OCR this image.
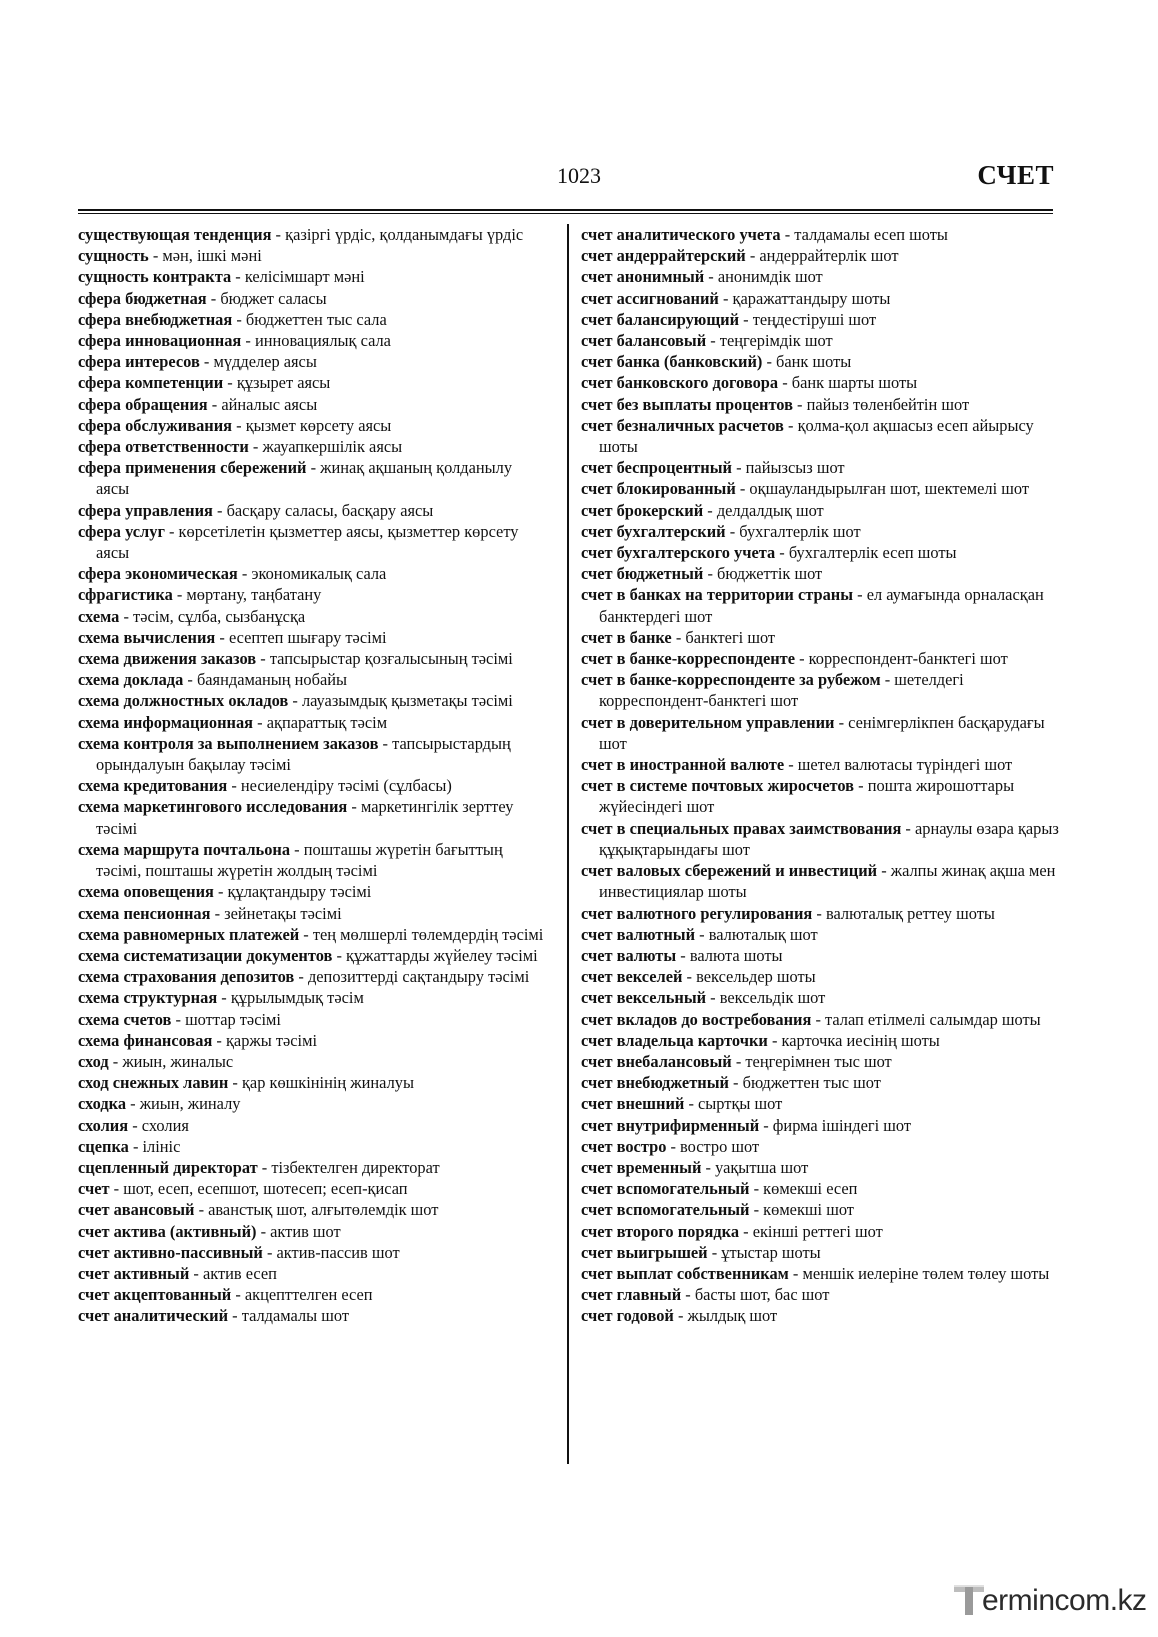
1023	СЧЕТ

существующая тенденция - қазіргі үрдіс, қолданымдағы үрдіс

сущность - мән, ішкі мәні

сущность контракта - келісімшарт мәні

сфера бюджетная - бюджет саласы

сфера внебюджетная - бюджеттен тыс сала

сфера инновационная - инновациялық сала

сфера интересов - мүдделер аясы

сфера компетенции - құзырет аясы

сфера обращения - айналыс аясы

сфера обслуживания - қызмет көрсету аясы

сфера ответственности - жауапкершілік аясы

сфера применения сбережений - жинақ ақшаның қолданылу аясы

сфера управления - басқару саласы, басқару аясы

сфера услуг - көрсетілетін қызметтер аясы, қызметтер көрсету аясы

сфера экономическая - экономикалық сала

сфрагистика - мөртану, таңбатану

схема - тәсім, сұлба, сызбанұсқа

схема вычисления - есептеп шығару тәсімі

схема движения заказов - тапсырыстар қозғалысының тәсімі

схема доклада - баяндаманың нобайы

схема должностных окладов - лауазымдық қызметақы тәсімі

схема информационная - ақпараттық тәсім

схема контроля за выполнением заказов - тапсырыстардың орындалуын бақылау тәсімі

схема кредитования - несиелендіру тәсімі (сұлбасы)

схема маркетингового исследования - маркетингілік зерттеу тәсімі

схема маршрута почтальона - пошташы жүретін бағыттың тәсімі, пошташы жүретін жолдың тәсімі

схема оповещения - құлақтандыру тәсімі

схема пенсионная - зейнетақы тәсімі

схема равномерных платежей - тең мөлшерлі төлемдердің тәсімі

схема систематизации документов - құжаттарды жүйелеу тәсімі

схема страхования депозитов - депозиттерді сақтандыру тәсімі

схема структурная - құрылымдық тәсім

схема счетов - шоттар тәсімі

схема финансовая - қаржы тәсімі

сход - жиын, жиналыс

сход снежных лавин - қар көшкінінің жиналуы

сходка - жиын, жиналу

схолия - схолия

сцепка - ілініс

сцепленный директорат - тізбектелген директорат

счет - шот, есеп, есепшот, шотесеп; есеп-қисап

счет авансовый - аванстық шот, алғытөлемдік шот

счет актива (активный) - актив шот

счет активно-пассивный - актив-пассив шот

счет активный - актив есеп

счет акцептованный - акцепттелген есеп

счет аналитический - талдамалы шот

счет аналитического учета - талдамалы есеп шоты

счет андеррайтерский - андеррайтерлік шот

счет анонимный - анонимдік шот

счет ассигнований - қаражаттандыру шоты

счет балансирующий - теңдестіруші шот

счет балансовый - теңгерімдік шот

счет банка (банковский) - банк шоты

счет банковского договора - банк шарты шоты

счет без выплаты процентов - пайыз төленбейтін шот

счет безналичных расчетов - қолма-қол ақшасыз есеп айырысу шоты

счет беспроцентный - пайызсыз шот

счет блокированный - оқшауландырылған шот, шектемелі шот

счет брокерский - делдалдық шот

счет бухгалтерский - бухгалтерлік шот

счет бухгалтерского учета - бухгалтерлік есеп шоты

счет бюджетный - бюджеттік шот

счет в банках на территории страны - ел аумағында орналасқан банктердегі шот

счет в банке - банктегі шот

счет в банке-корреспонденте - корреспондент-банктегі шот

счет в банке-корреспонденте за рубежом - шетелдегі корреспондент-банктегі шот

счет в доверительном управлении - сенімгерлікпен басқарудағы шот

счет в иностранной валюте - шетел валютасы түріндегі шот

счет в системе почтовых жиросчетов - пошта жирошоттары жүйесіндегі шот

счет в специальных правах заимствования - арнаулы өзара қарыз құқықтарындағы шот

счет валовых сбережений и инвестиций - жалпы жинақ ақша мен инвестициялар шоты

счет валютного регулирования - валюталық реттеу шоты

счет валютный - валюталық шот

счет валюты - валюта шоты

счет векселей - вексельдер шоты

счет вексельный - вексельдік шот

счет вкладов до востребования - талап етілмелі салымдар шоты

счет владельца карточки - карточка иесінің шоты

счет внебалансовый - теңгерімнен тыс шот

счет внебюджетный - бюджеттен тыс шот

счет внешний - сыртқы шот

счет внутрифирменный - фирма ішіндегі шот

счет востро - востро шот

счет временный - уақытша шот

счет вспомогательный - көмекші есеп

счет вспомогательный - көмекші шот

счет второго порядка - екінші реттегі шот

счет выигрышей - ұтыстар шоты

счет выплат собственникам - меншік иелеріне төлем төлеу шоты

счет главный - басты шот, бас шот

счет годовой - жылдық шот

ermincom.kz
